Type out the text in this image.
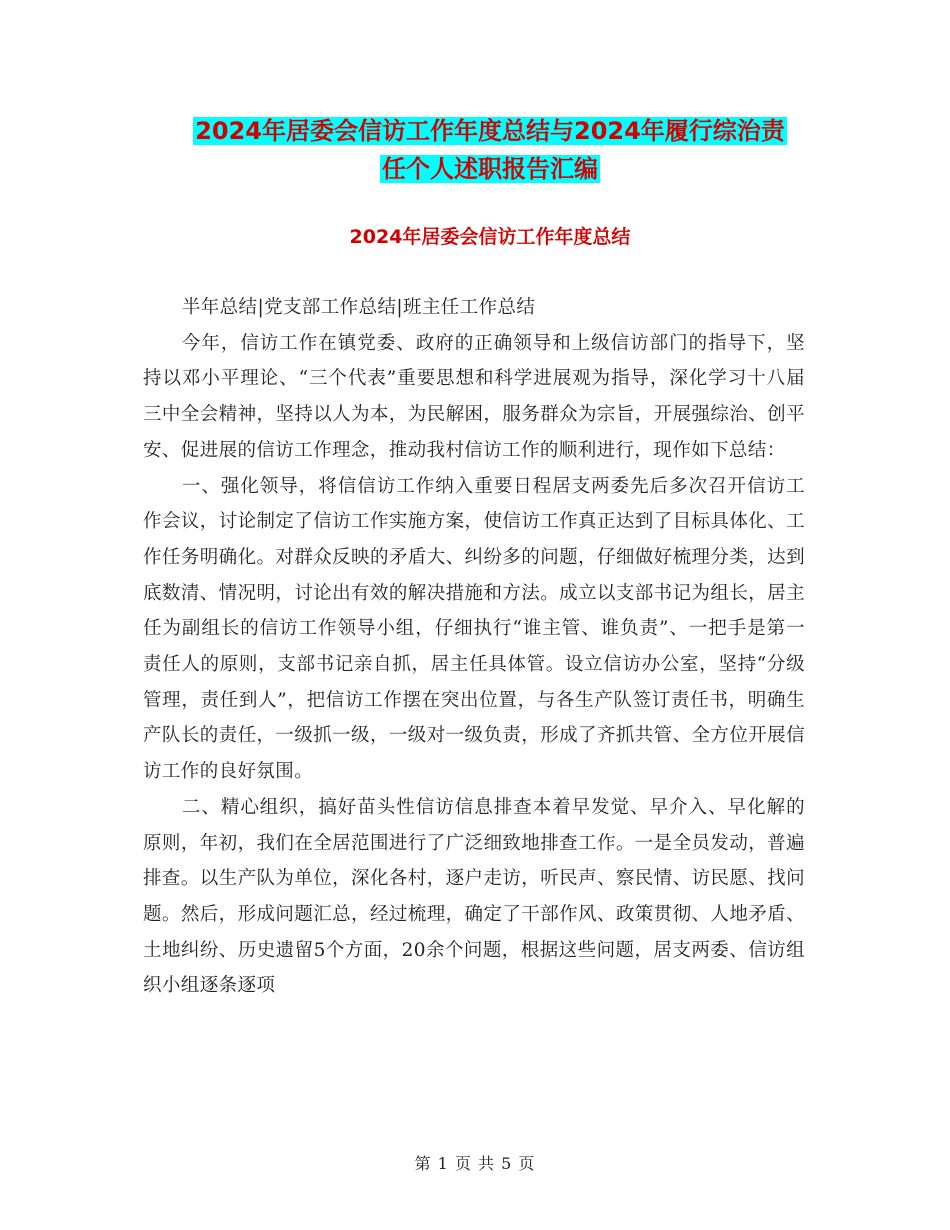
2024年居委会信访工作年度总结与2024年履行综治责
任个人述职报告汇编
2024年居委会信访工作年度总结

半年总结|党支部工作总结|班主任工作总结

今年，信访工作在镇党委、政府的正确领导和上级信访部门的指导下，坚持以邓小平理论、“三个代表”重要思想和科学进展观为指导，深化学习十八届三中全会精神，坚持以人为本，为民解困，服务群众为宗旨，开展强综治、创平安、促进展的信访工作理念，推动我村信访工作的顺利进行，现作如下总结：

一、强化领导，将信信访工作纳入重要日程居支两委先后多次召开信访工作会议，讨论制定了信访工作实施方案，使信访工作真正达到了目标具体化、工作任务明确化。对群众反映的矛盾大、纠纷多的问题，仔细做好梳理分类，达到底数清、情况明，讨论出有效的解决措施和方法。成立以支部书记为组长，居主任为副组长的信访工作领导小组，仔细执行“谁主管、谁负责”、一把手是第一责任人的原则，支部书记亲自抓，居主任具体管。设立信访办公室，坚持“分级管理，责任到人”，把信访工作摆在突出位置，与各生产队签订责任书，明确生产队长的责任，一级抓一级，一级对一级负责，形成了齐抓共管、全方位开展信访工作的良好氛围。

二、精心组织，搞好苗头性信访信息排查本着早发觉、早介入、早化解的原则，年初，我们在全居范围进行了广泛细致地排查工作。一是全员发动，普遍排查。以生产队为单位，深化各村，逐户走访，听民声、察民情、访民愿、找问题。然后，形成问题汇总，经过梳理，确定了干部作风、政策贯彻、人地矛盾、土地纠纷、历史遗留5个方面，20余个问题，根据这些问题，居支两委、信访组织小组逐条逐项

第 1 页 共 5 页
